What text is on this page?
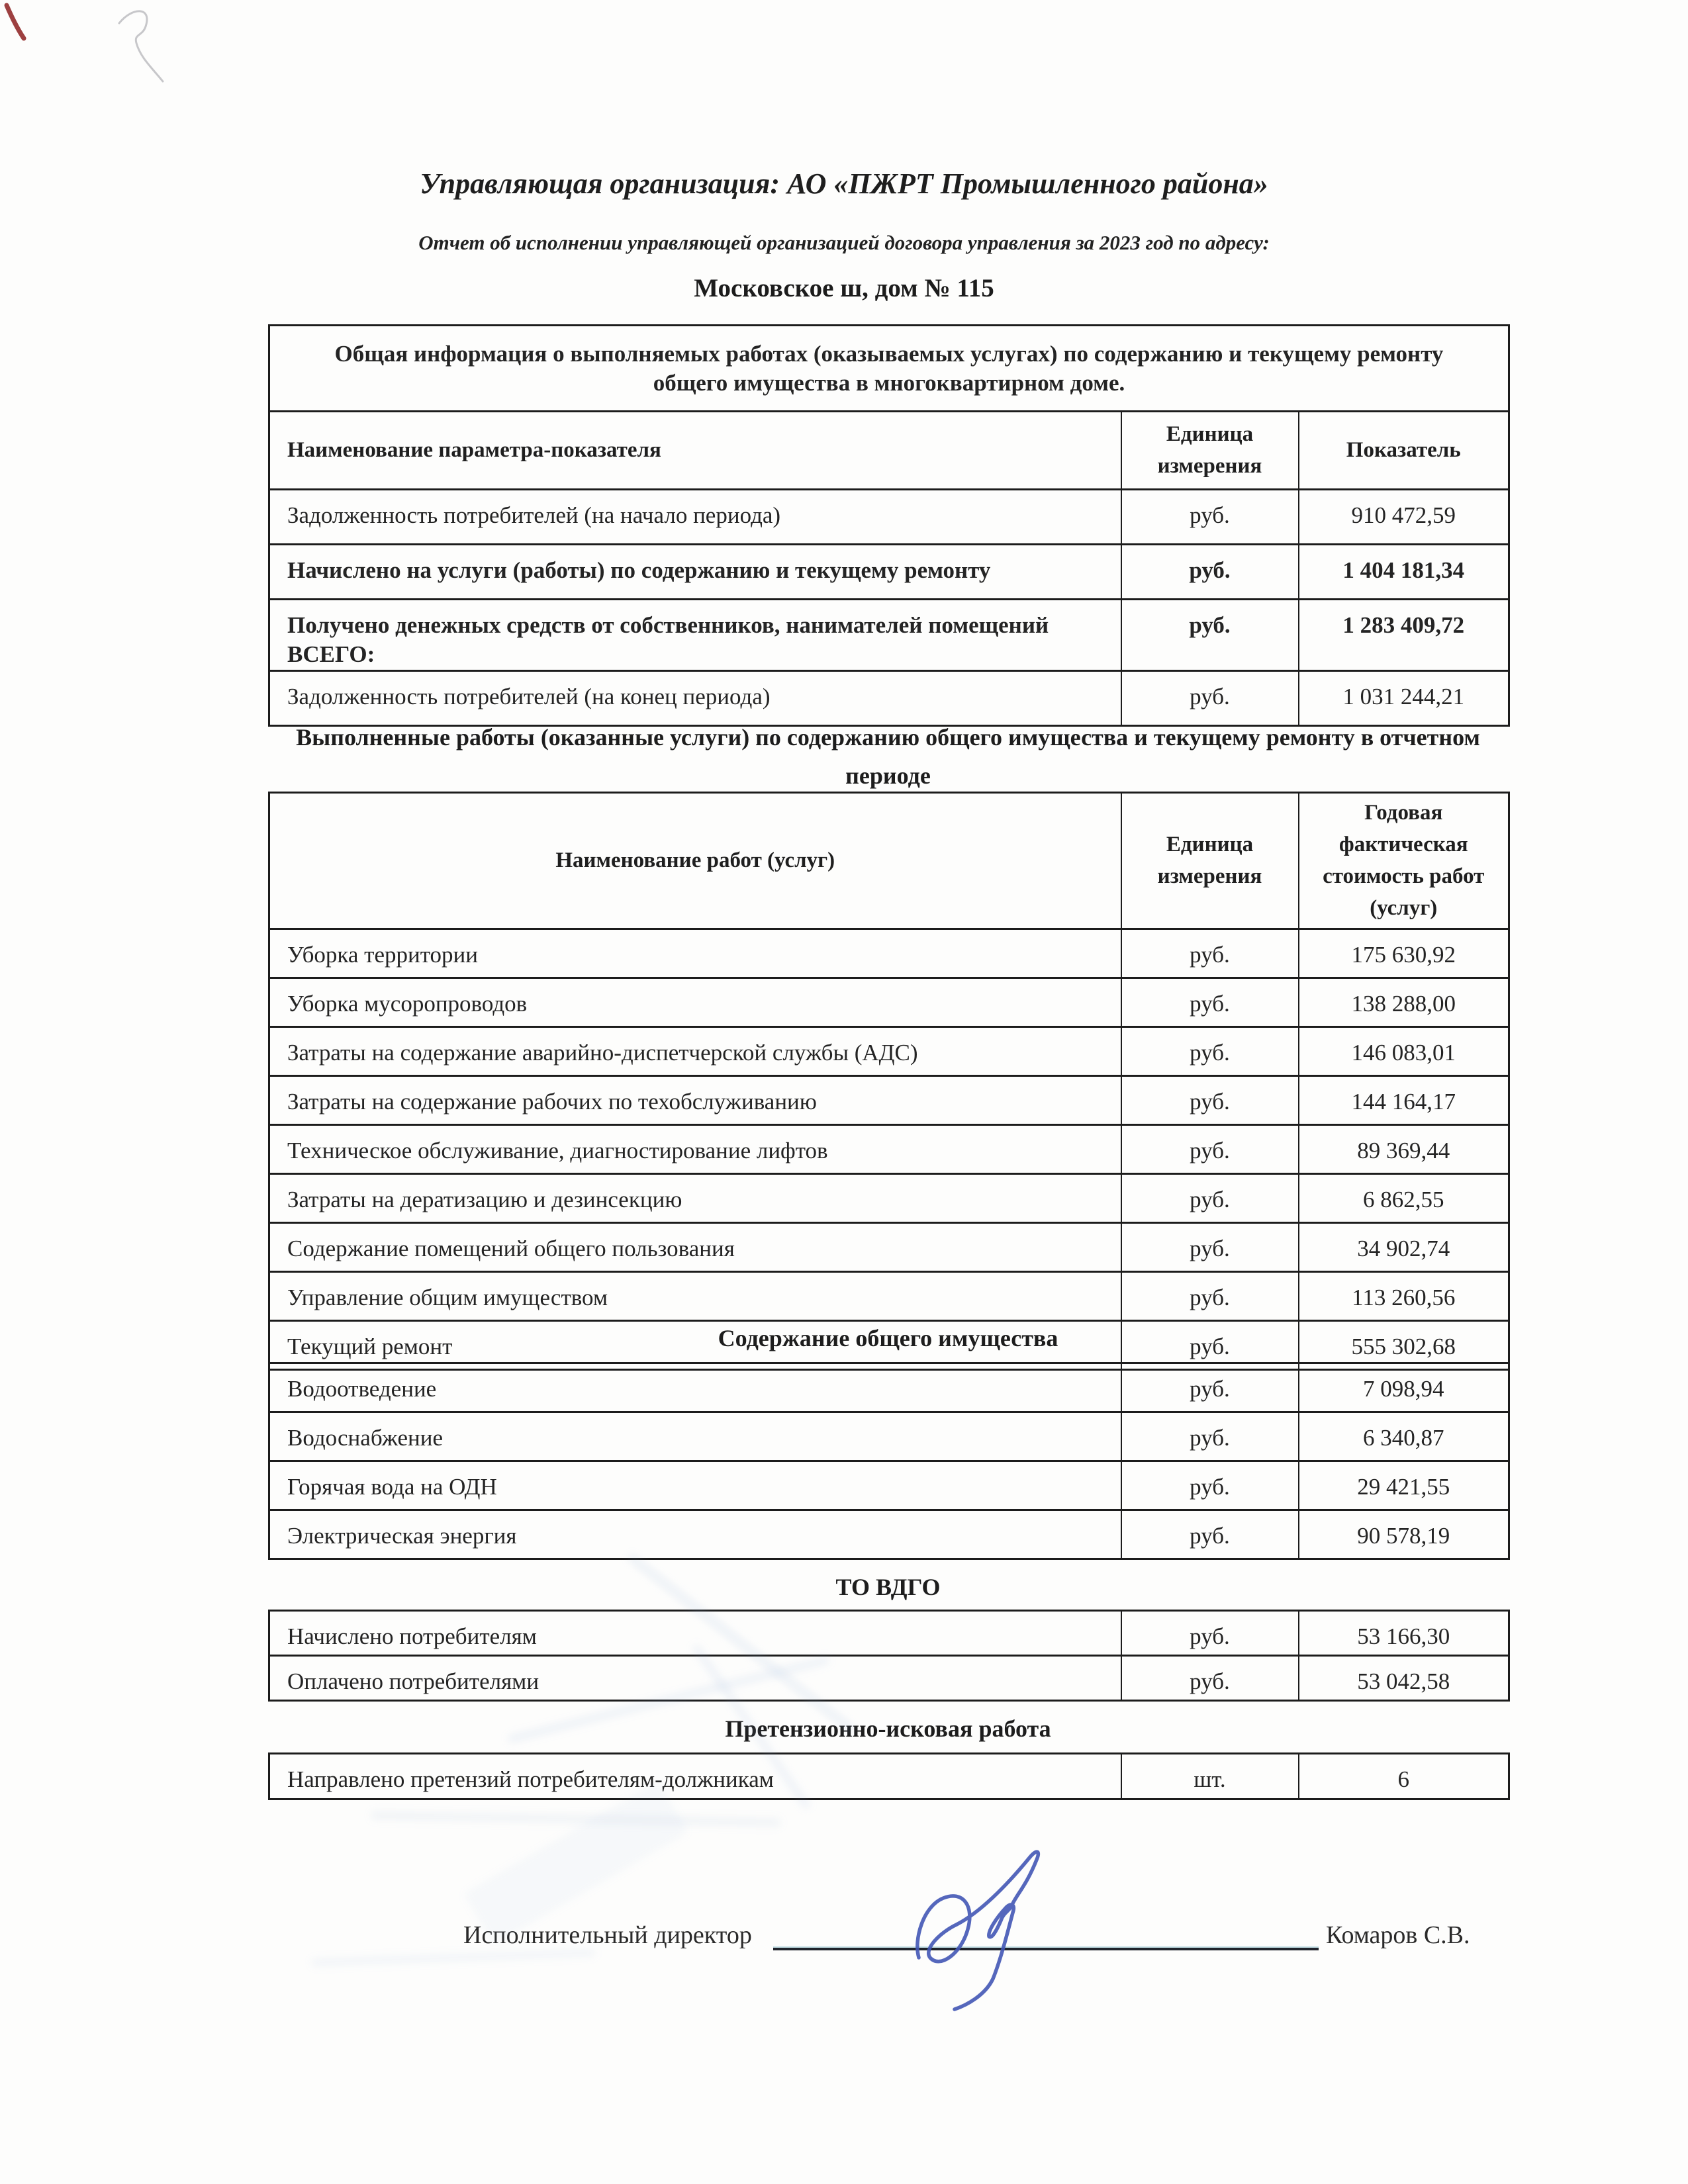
Управляющая организация: АО «ПЖРТ Промышленного района»
Отчет об исполнении управляющей организацией договора управления за 2023 год по адресу:
Московское ш, дом № 115
Общая информация о выполняемых работах (оказываемых услугах) по содержанию и текущему ремонту общего имущества в многоквартирном доме.		
Наименование параметра-показателя	Единица измерения	Показатель
Задолженность потребителей (на начало периода)	руб.	910 472,59
Начислено на услуги (работы) по содержанию и текущему ремонту	руб.	1 404 181,34
Получено денежных средств от собственников, нанимателей помещений ВСЕГО:	руб.	1 283 409,72
Задолженность потребителей (на конец периода)	руб.	1 031 244,21
Выполненные работы (оказанные услуги) по содержанию общего имущества и текущему ремонту в отчетном периоде
Наименование работ (услуг)	Единица измерения	Годовая фактическая стоимость работ (услуг)
Уборка территории	руб.	175 630,92
Уборка мусоропроводов	руб.	138 288,00
Затраты на содержание аварийно-диспетчерской службы (АДС)	руб.	146 083,01
Затраты на содержание рабочих по техобслуживанию	руб.	144 164,17
Техническое обслуживание, диагностирование лифтов	руб.	89 369,44
Затраты на дератизацию и дезинсекцию	руб.	6 862,55
Содержание помещений общего пользования	руб.	34 902,74
Управление общим имуществом	руб.	113 260,56
Текущий ремонт	руб.	555 302,68
Содержание общего имущества
Водоотведение	руб.	7 098,94
Водоснабжение	руб.	6 340,87
Горячая вода на ОДН	руб.	29 421,55
Электрическая энергия	руб.	90 578,19
ТО ВДГО
Начислено потребителям	руб.	53 166,30
Оплачено потребителями	руб.	53 042,58
Претензионно-исковая работа
Направлено претензий потребителям-должникам	шт.	6
Исполнительный директор	Комаров С.В.
